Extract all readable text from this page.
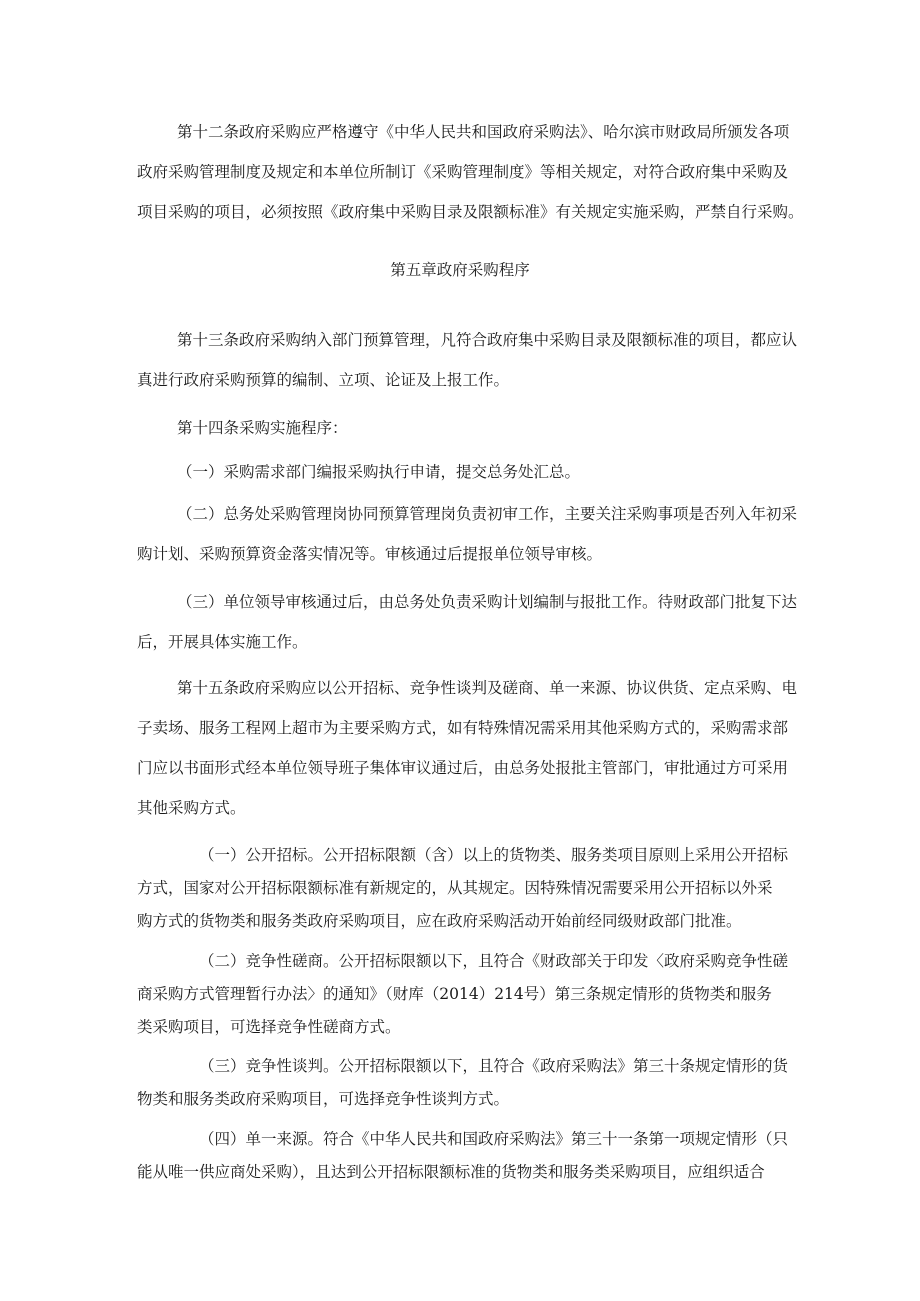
第十二条政府采购应严格遵守《中华人民共和国政府采购法》、哈尔滨市财政局所颁发各项
政府采购管理制度及规定和本单位所制订《采购管理制度》等相关规定，对符合政府集中采购及
项目采购的项目，必须按照《政府集中采购目录及限额标准》有关规定实施采购，严禁自行采购。
第五章政府采购程序
第十三条政府采购纳入部门预算管理，凡符合政府集中采购目录及限额标准的项目，都应认
真进行政府采购预算的编制、立项、论证及上报工作。
第十四条采购实施程序：
（一）采购需求部门编报采购执行申请，提交总务处汇总。
（二）总务处采购管理岗协同预算管理岗负责初审工作，主要关注采购事项是否列入年初采
购计划、采购预算资金落实情况等。审核通过后提报单位领导审核。
（三）单位领导审核通过后，由总务处负责采购计划编制与报批工作。待财政部门批复下达
后，开展具体实施工作。
第十五条政府采购应以公开招标、竞争性谈判及磋商、单一来源、协议供货、定点采购、电
子卖场、服务工程网上超市为主要采购方式，如有特殊情况需采用其他采购方式的，采购需求部
门应以书面形式经本单位领导班子集体审议通过后，由总务处报批主管部门，审批通过方可采用
其他采购方式。
（一）公开招标。公开招标限额（含）以上的货物类、服务类项目原则上采用公开招标
方式，国家对公开招标限额标准有新规定的，从其规定。因特殊情况需要采用公开招标以外采
购方式的货物类和服务类政府采购项目，应在政府采购活动开始前经同级财政部门批准。
（二）竞争性磋商。公开招标限额以下，且符合《财政部关于印发〈政府采购竞争性磋
商采购方式管理暂行办法〉的通知》（财库（2014）214号）第三条规定情形的货物类和服务
类采购项目，可选择竞争性磋商方式。
（三）竞争性谈判。公开招标限额以下，且符合《政府采购法》第三十条规定情形的货
物类和服务类政府采购项目，可选择竞争性谈判方式。
（四）单一来源。符合《中华人民共和国政府采购法》第三十一条第一项规定情形（只
能从唯一供应商处采购），且达到公开招标限额标准的货物类和服务类采购项目，应组织适合
